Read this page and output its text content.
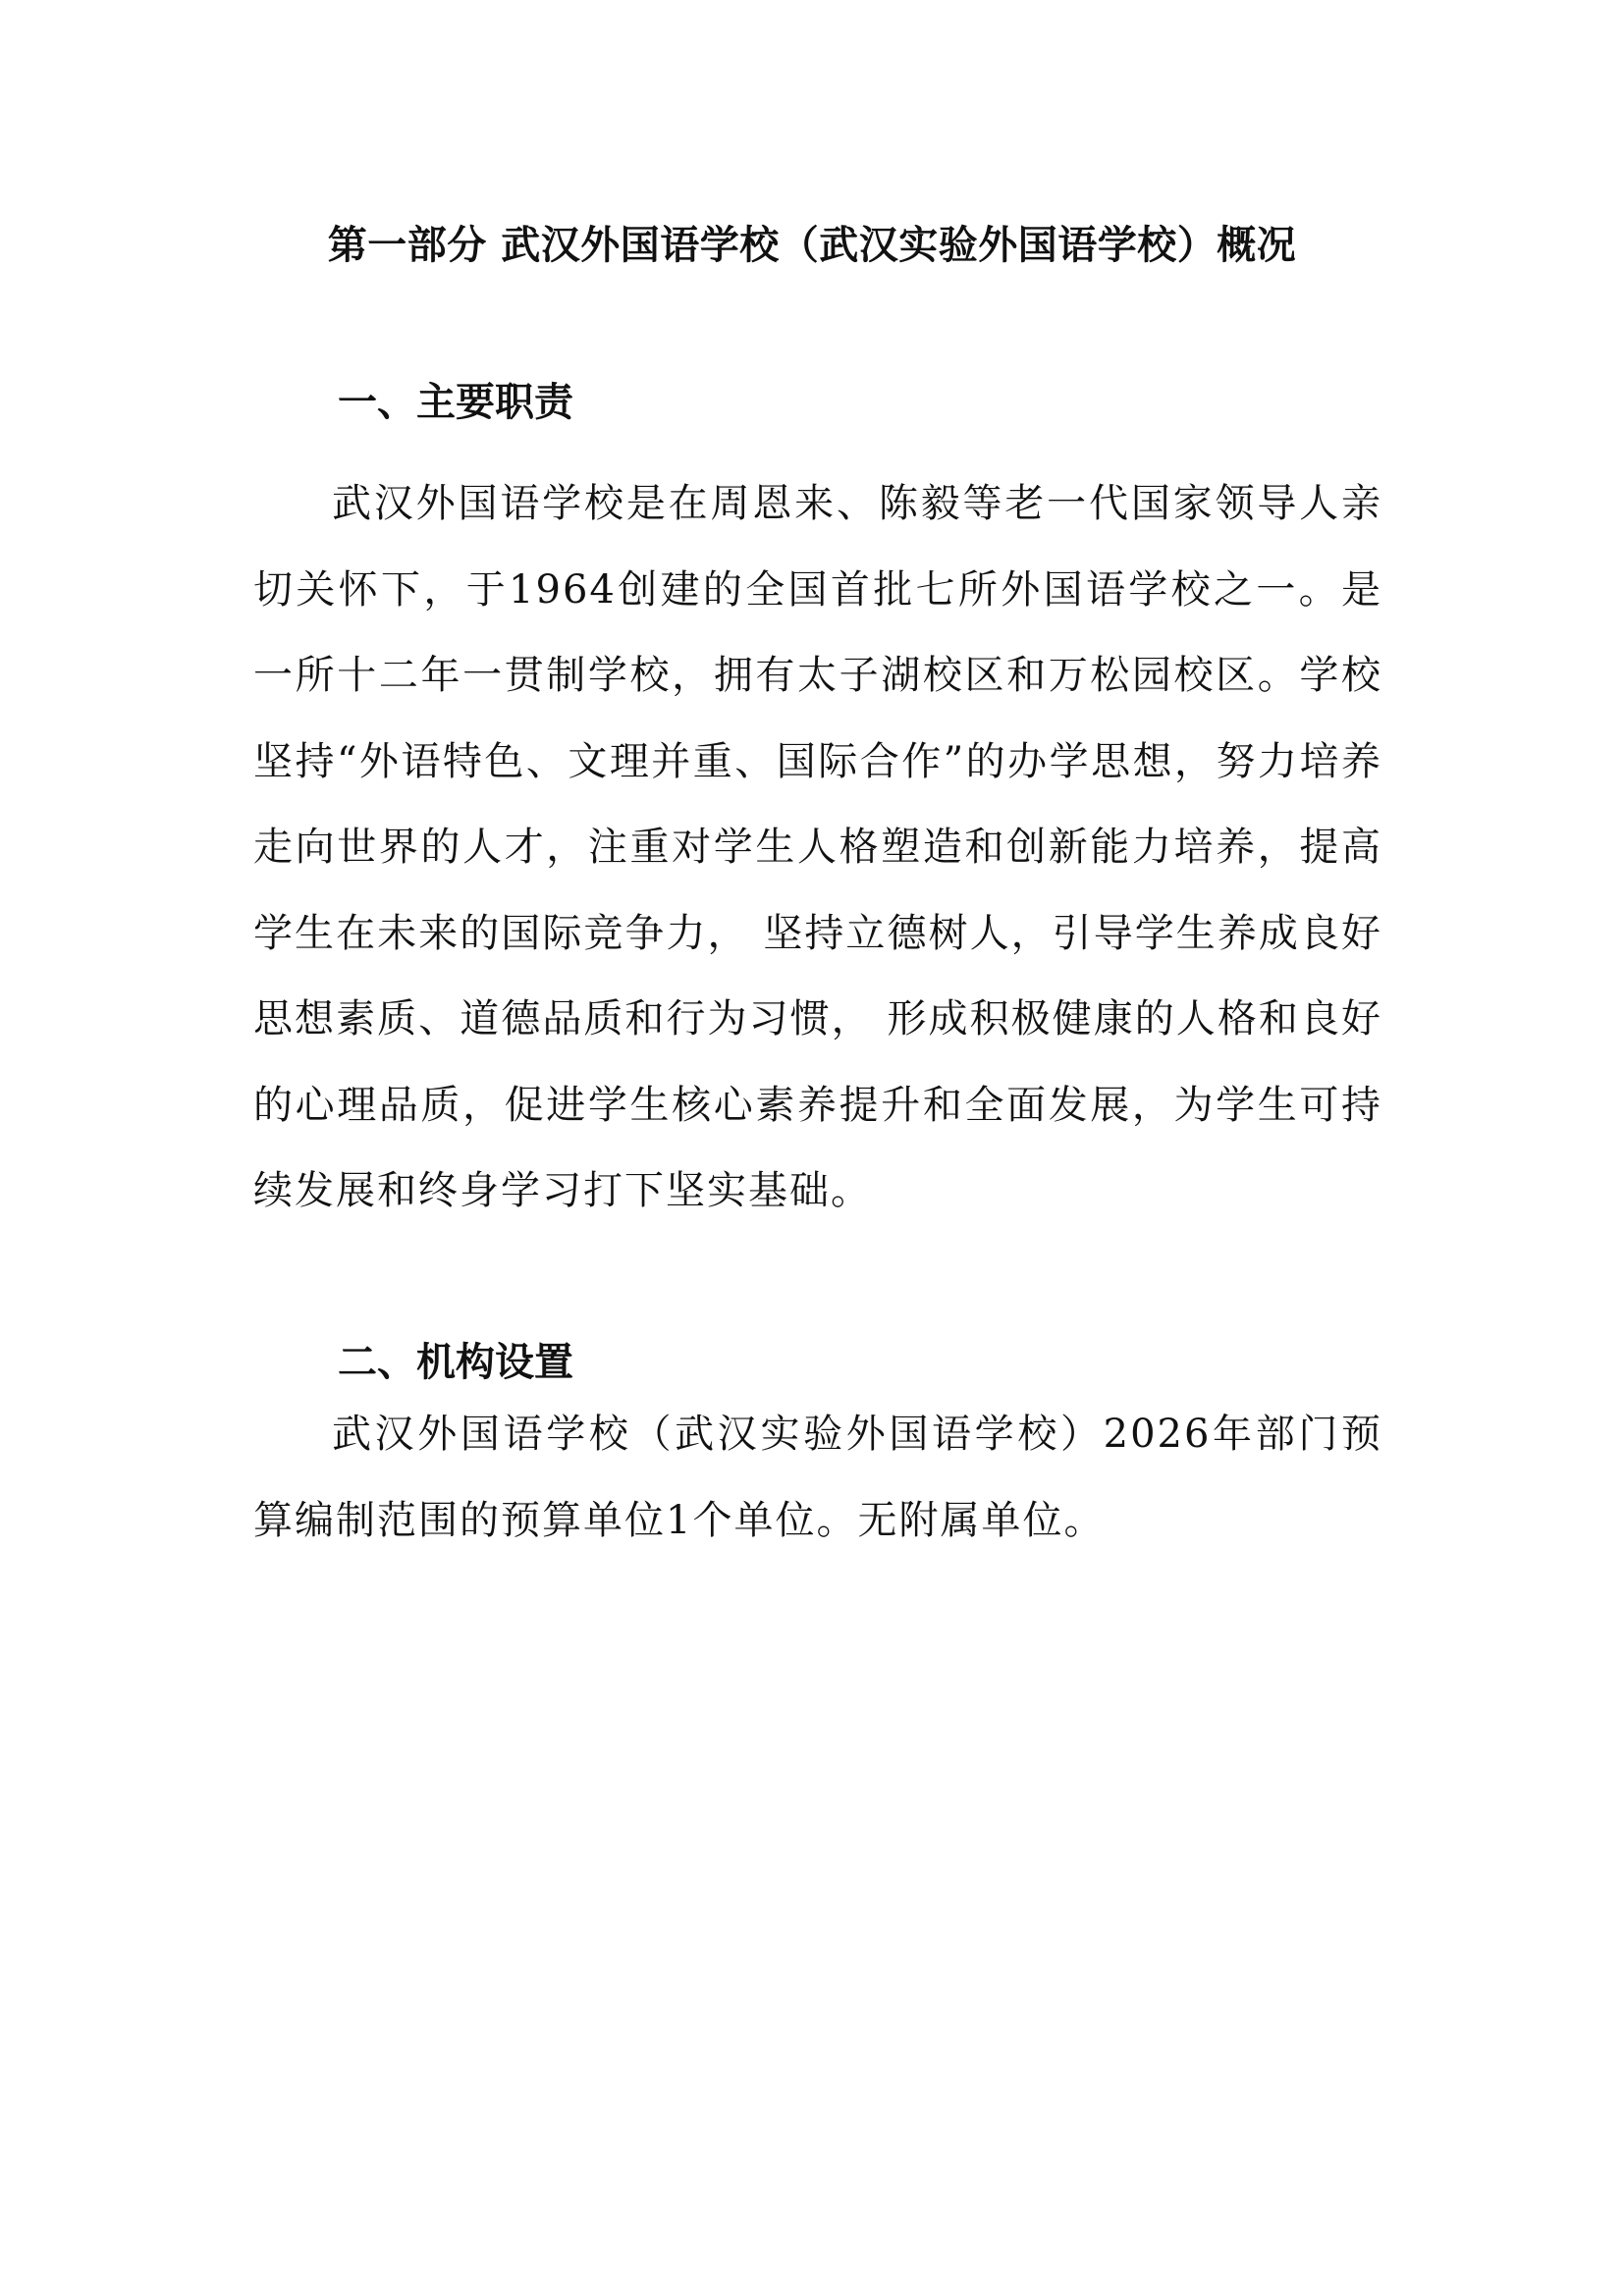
第一部分 武汉外国语学校（武汉实验外国语学校）概况
一、主要职责

武汉外国语学校是在周恩来、陈毅等老一代国家领导人亲切关怀下，于1964创建的全国首批七所外国语学校之一。是一所十二年一贯制学校，拥有太子湖校区和万松园校区。学校坚持“外语特色、文理并重、国际合作”的办学思想，努力培养走向世界的人才，注重对学生人格塑造和创新能力培养，提高学生在未来的国际竞争力， 坚持立德树人，引导学生养成良好思想素质、道德品质和行为习惯， 形成积极健康的人格和良好的心理品质，促进学生核心素养提升和全面发展，为学生可持续发展和终身学习打下坚实基础。

二、机构设置

武汉外国语学校（武汉实验外国语学校）2026年部门预算编制范围的预算单位1个单位。无附属单位。
